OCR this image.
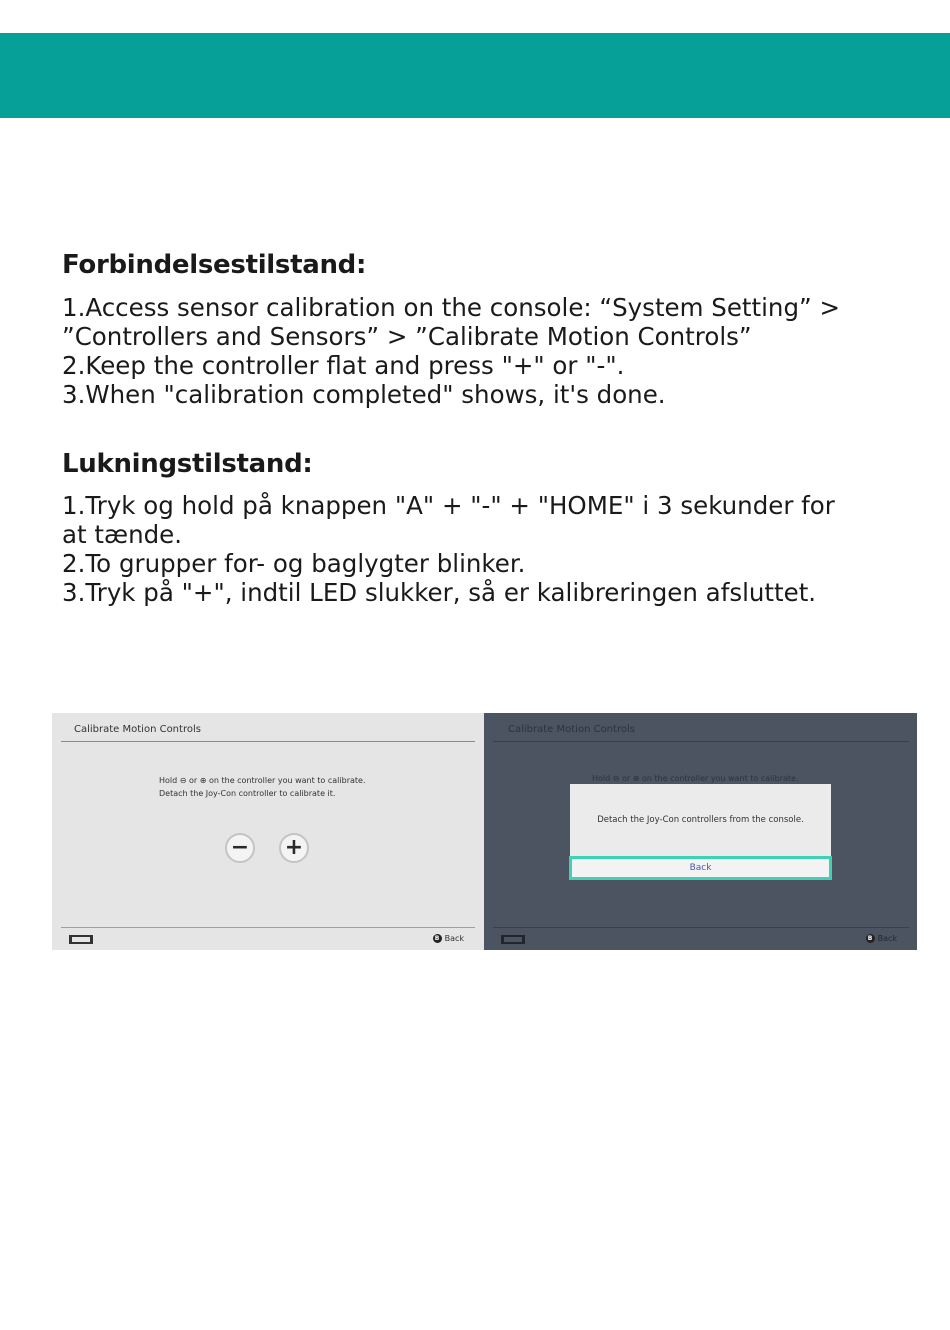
Forbindelsestilstand:
1.Access sensor calibration on the console: “System Setting” >
”Controllers and Sensors” > ”Calibrate Motion Controls”
2.Keep the controller flat and press "+" or "-".
3.When "calibration completed" shows, it's done.
Lukningstilstand:
1.Tryk og hold på knappen "A" + "-" + "HOME" i 3 sekunder for
at tænde.
2.To grupper for- og baglygter blinker.
3.Tryk på "+", indtil LED slukker, så er kalibreringen afsluttet.
Calibrate Motion Controls
Hold ⊖ or ⊕ on the controller you want to calibrate.
Detach the Joy-Con controller to calibrate it.
− +
B Back
Calibrate Motion Controls
Hold ⊖ or ⊕ on the controller you want to calibrate.
Detach the Joy-Con controllers from the console.
Back
B Back
